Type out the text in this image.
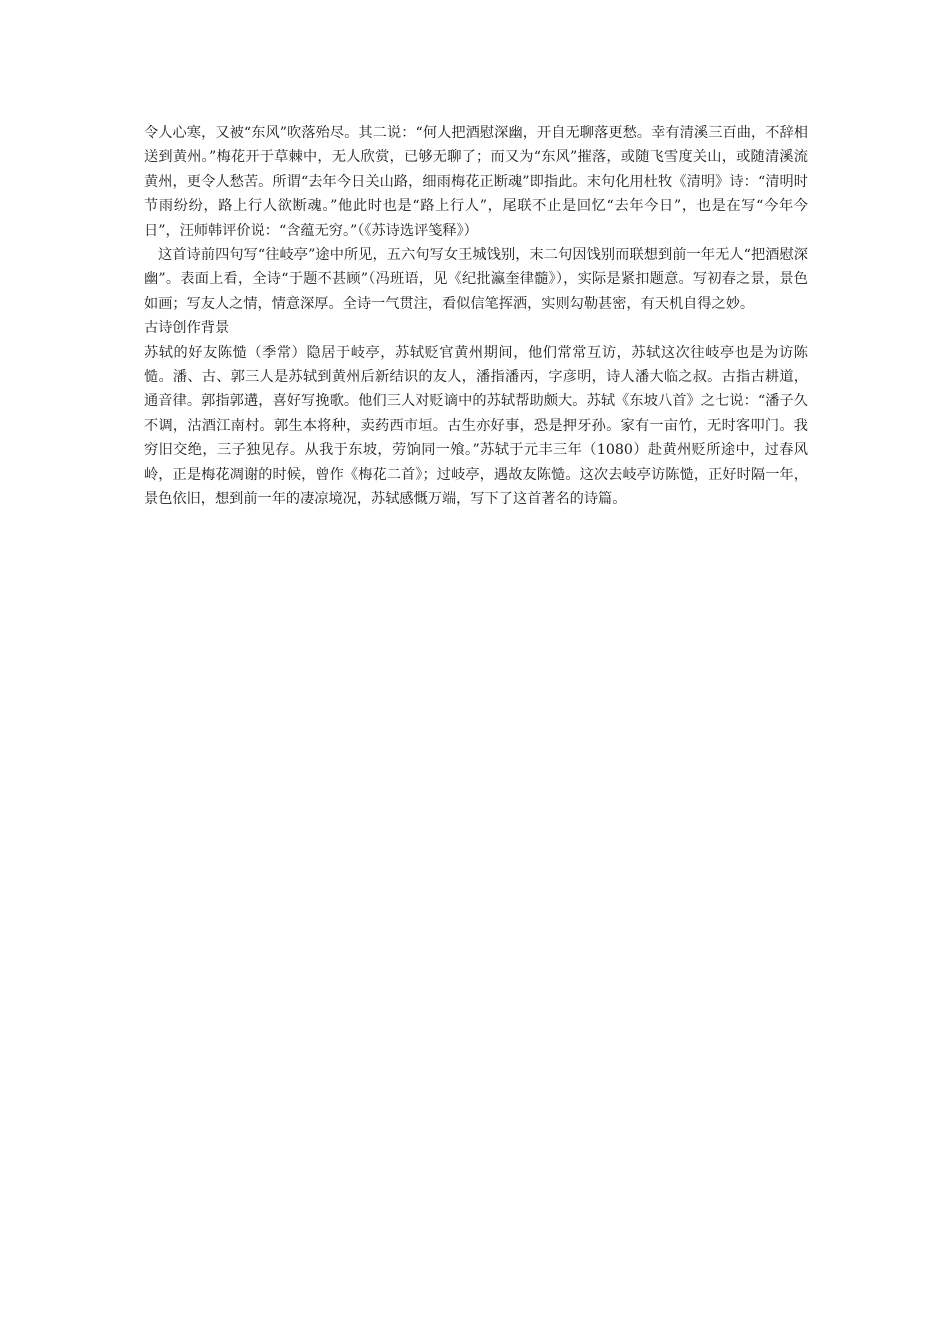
令人心寒，又被“东风”吹落殆尽。其二说：“何人把酒慰深幽，开自无聊落更愁。幸有清溪三百曲，不辞相送到黄州。”梅花开于草棘中，无人欣赏，已够无聊了；而又为“东风”摧落，或随飞雪度关山，或随清溪流黄州，更令人愁苦。所谓“去年今日关山路，细雨梅花正断魂”即指此。末句化用杜牧《清明》诗：“清明时节雨纷纷，路上行人欲断魂。”他此时也是“路上行人”，尾联不止是回忆“去年今日”，也是在写“今年今日”，汪师韩评价说：“含蕴无穷。”（《苏诗选评笺释》）

这首诗前四句写“往岐亭”途中所见，五六句写女王城饯别，末二句因饯别而联想到前一年无人“把酒慰深幽”。表面上看，全诗“于题不甚顾”（冯班语，见《纪批瀛奎律髓》），实际是紧扣题意。写初春之景，景色如画；写友人之情，情意深厚。全诗一气贯注，看似信笔挥洒，实则勾勒甚密，有天机自得之妙。

古诗创作背景

苏轼的好友陈慥（季常）隐居于岐亭，苏轼贬官黄州期间，他们常常互访，苏轼这次往岐亭也是为访陈慥。潘、古、郭三人是苏轼到黄州后新结识的友人，潘指潘丙，字彦明，诗人潘大临之叔。古指古耕道，通音律。郭指郭遘，喜好写挽歌。他们三人对贬谪中的苏轼帮助颇大。苏轼《东坡八首》之七说：“潘子久不调，沽酒江南村。郭生本将种，卖药西市垣。古生亦好事，恐是押牙孙。家有一亩竹，无时客叩门。我穷旧交绝，三子独见存。从我于东坡，劳饷同一飧。”苏轼于元丰三年（1080）赴黄州贬所途中，过春风岭，正是梅花凋谢的时候，曾作《梅花二首》；过岐亭，遇故友陈慥。这次去岐亭访陈慥，正好时隔一年，景色依旧，想到前一年的凄凉境况，苏轼感慨万端，写下了这首著名的诗篇。
